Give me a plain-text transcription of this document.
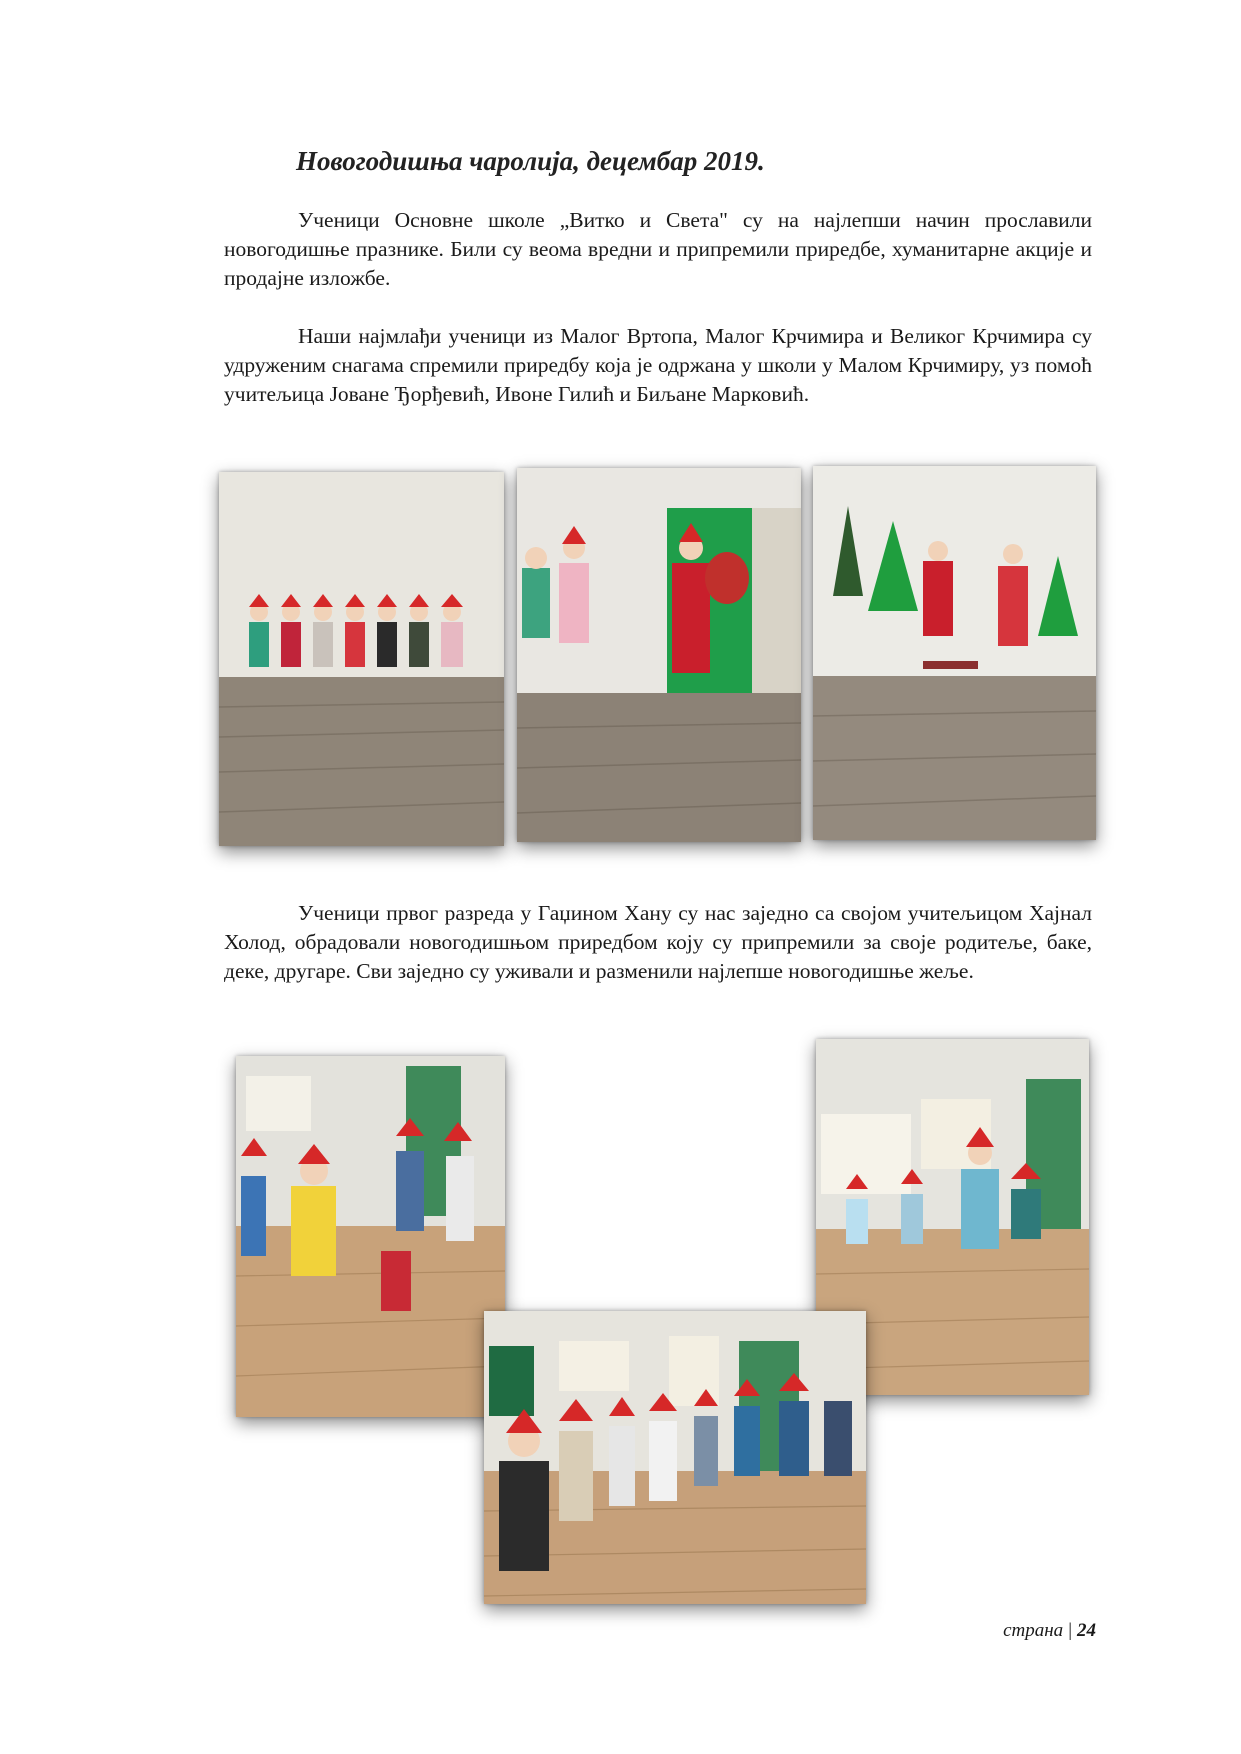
Новогодишња чаролија, децембар 2019.

Ученици Основне школе „Витко и Света" су на најлепши начин прославили новогодишње празнике. Били су веома вредни и припремили приредбе, хуманитарне акције и продајне изложбе.

Наши најмлађи ученици из Малог Вртопа, Малог Крчимира и Великог Крчимира су удруженим снагама спремили приредбу која је одржана у школи у Малом Крчимиру, уз помоћ учитељица Јоване Ђорђевић, Ивоне Гилић и Биљане Марковић.

Ученици првог разреда у Гаџином Хану су нас заједно са својом учитељицом Хајнал Холод, обрадовали новогодишњом приредбом коју су припремили за своје родитеље, баке, деке, другаре. Сви заједно су уживали и разменили најлепше новогодишње жеље.

страна | 24
